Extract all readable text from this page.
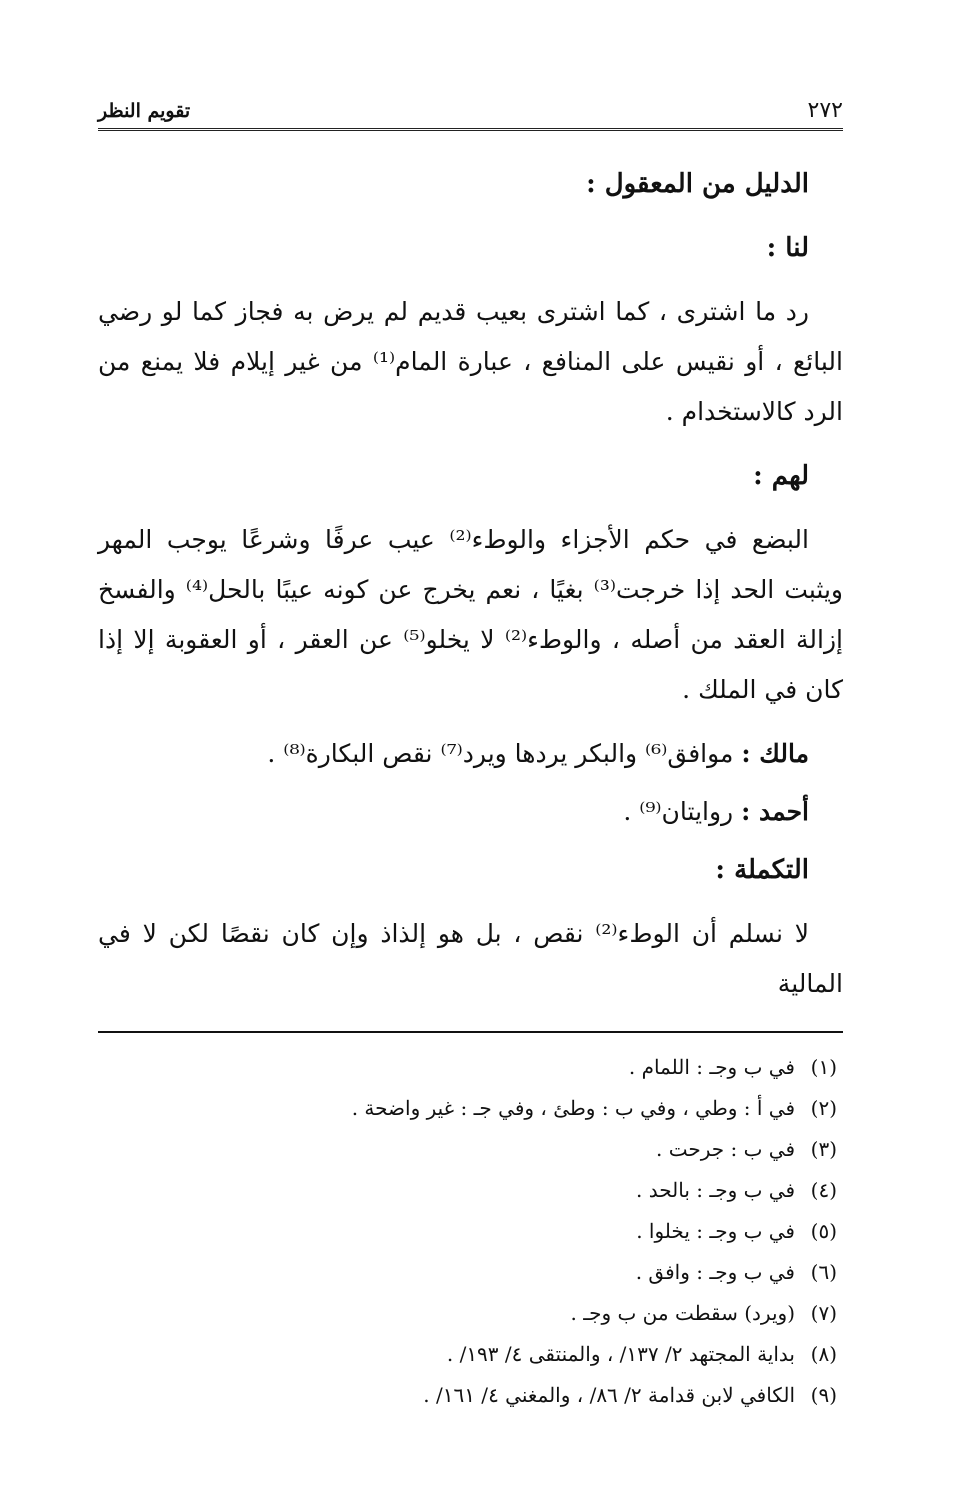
٢٧٢
تقويم النظر

الدليل من المعقول :

لنا :

رد ما اشترى ، كما اشترى بعيب قديم لم يرض به فجاز كما لو رضي البائع ، أو نقيس على المنافع ، عبارة المام⁽¹⁾ من غير إيلام فلا يمنع من الرد كالاستخدام .

لهم :

البضع في حكم الأجزاء والوطء⁽²⁾ عيب عرفًا وشرعًا يوجب المهر ويثبت الحد إذا خرجت⁽³⁾ بغيًا ، نعم يخرج عن كونه عيبًا بالحل⁽⁴⁾ والفسخ إزالة العقد من أصله ، والوطء⁽²⁾ لا يخلو⁽⁵⁾ عن العقر ، أو العقوبة إلا إذا كان في الملك .

مالك : موافق⁽⁶⁾ والبكر يردها ويرد⁽⁷⁾ نقص البكارة⁽⁸⁾ .

أحمد : روايتان⁽⁹⁾ .

التكملة :

لا نسلم أن الوطء⁽²⁾ نقص ، بل هو إلذاذ وإن كان نقصًا لكن لا في المالية

(١)في ب وجـ : اللمام .
(٢)في أ : وطي ، وفي ب : وطئ ، وفي جـ : غير واضحة .
(٣)في ب : جرحت .
(٤)في ب وجـ : بالحد .
(٥)في ب وجـ : يخلوا .
(٦)في ب وجـ : وافق .
(٧)(ويرد) سقطت من ب وجـ .
(٨)بداية المجتهد ٢/ ١٣٧/ ، والمنتقى ٤/ ١٩٣/ .
(٩)الكافي لابن قدامة ٢/ ٨٦/ ، والمغني ٤/ ١٦١/ .
